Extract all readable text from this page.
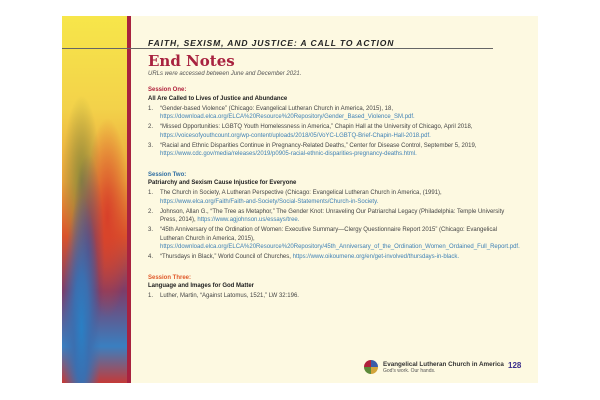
FAITH, SEXISM, AND JUSTICE: A CALL TO ACTION
End Notes
URLs were accessed between June and December 2021.
Session One:
All Are Called to Lives of Justice and Abundance
1.	“Gender-based Violence” (Chicago: Evangelical Lutheran Church in America, 2015), 18, https://download.elca.org/ELCA%20Resource%20Repository/Gender_Based_Violence_SM.pdf.
2.	“Missed Opportunities: LGBTQ Youth Homelessness in America,” Chapin Hall at the University of Chicago, April 2018, https://voicesofyouthcount.org/wp-content/uploads/2018/05/VoYC-LGBTQ-Brief-Chapin-Hall-2018.pdf.
3.	“Racial and Ethnic Disparities Continue in Pregnancy-Related Deaths,” Center for Disease Control, September 5, 2019, https://www.cdc.gov/media/releases/2019/p0905-racial-ethnic-disparities-pregnancy-deaths.html.
Session Two:
Patriarchy and Sexism Cause Injustice for Everyone
1.	The Church in Society, A Lutheran Perspective (Chicago: Evangelical Lutheran Church in America, (1991), https://www.elca.org/Faith/Faith-and-Society/Social-Statements/Church-in-Society.
2.	Johnson, Allan G., “The Tree as Metaphor,” The Gender Knot: Unraveling Our Patriarchal Legacy (Philadelphia: Temple University Press, 2014), https://www.agjohnson.us/essays/tree.
3.	“45th Anniversary of the Ordination of Women: Executive Summary—Clergy Questionnaire Report 2015” (Chicago: Evangelical Lutheran Church in America, 2015), https://download.elca.org/ELCA%20Resource%20Repository/45th_Anniversary_of_the_Ordination_Women_Ordained_Full_Report.pdf.
4.	“Thursdays in Black,” World Council of Churches, https://www.oikoumene.org/en/get-involved/thursdays-in-black.
Session Three:
Language and Images for God Matter
1.	Luther, Martin, “Against Latomus, 1521,” LW 32:196.
Evangelical Lutheran Church in America
God's work. Our hands.
128
